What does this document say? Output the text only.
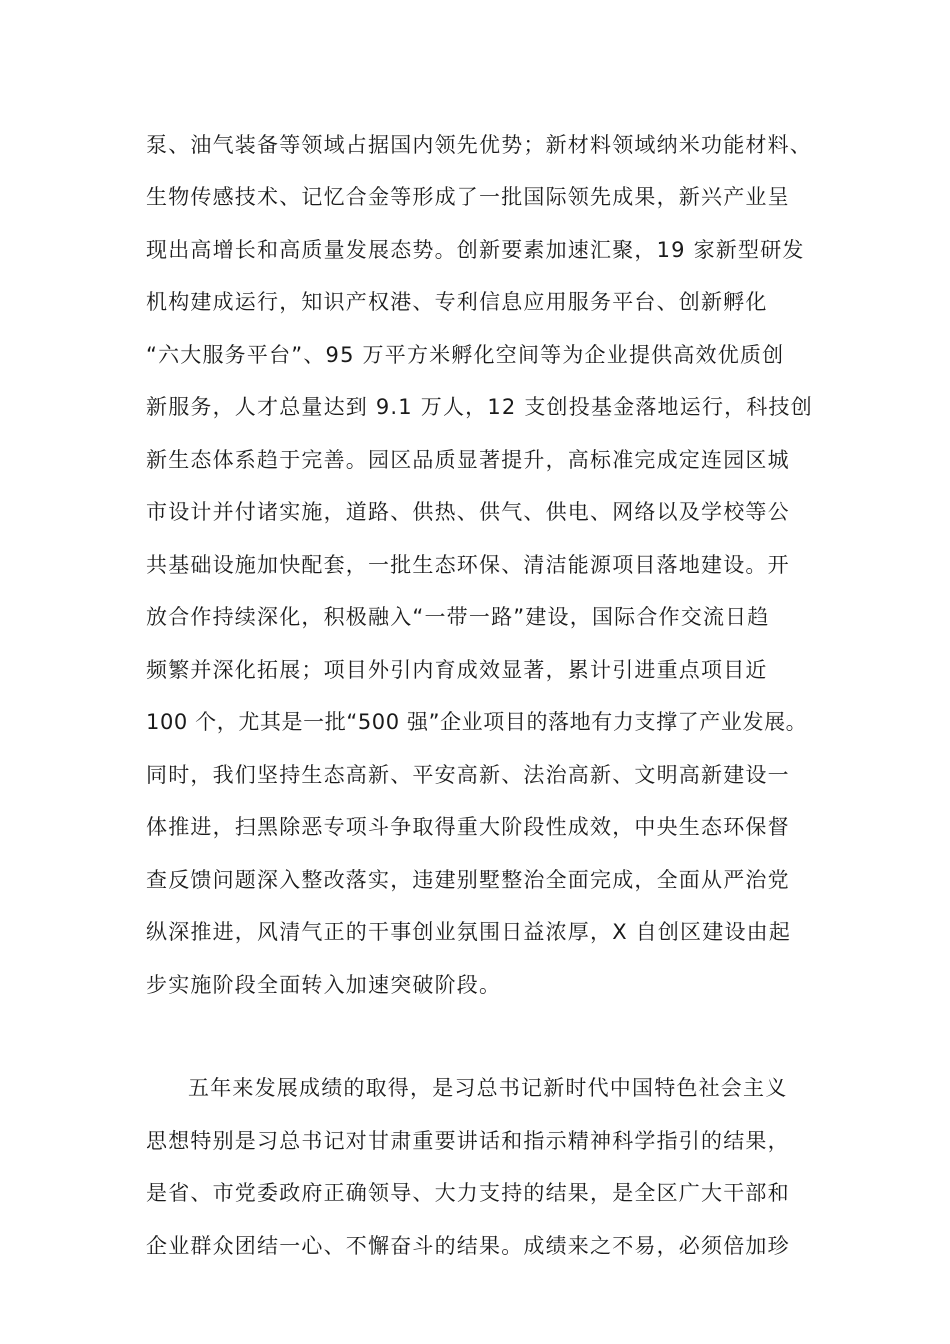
泵、油气装备等领域占据国内领先优势；新材料领域纳米功能材料、
生物传感技术、记忆合金等形成了一批国际领先成果，新兴产业呈
现出高增长和高质量发展态势。创新要素加速汇聚，19 家新型研发
机构建成运行，知识产权港、专利信息应用服务平台、创新孵化
“六大服务平台”、95 万平方米孵化空间等为企业提供高效优质创
新服务，人才总量达到 9.1 万人，12 支创投基金落地运行，科技创
新生态体系趋于完善。园区品质显著提升，高标准完成定连园区城
市设计并付诸实施，道路、供热、供气、供电、网络以及学校等公
共基础设施加快配套，一批生态环保、清洁能源项目落地建设。开
放合作持续深化，积极融入“一带一路”建设，国际合作交流日趋
频繁并深化拓展；项目外引内育成效显著，累计引进重点项目近
100 个，尤其是一批“500 强”企业项目的落地有力支撑了产业发展。
同时，我们坚持生态高新、平安高新、法治高新、文明高新建设一
体推进，扫黑除恶专项斗争取得重大阶段性成效，中央生态环保督
查反馈问题深入整改落实，违建别墅整治全面完成，全面从严治党
纵深推进，风清气正的干事创业氛围日益浓厚，X 自创区建设由起
步实施阶段全面转入加速突破阶段。
五年来发展成绩的取得，是习总书记新时代中国特色社会主义
思想特别是习总书记对甘肃重要讲话和指示精神科学指引的结果，
是省、市党委政府正确领导、大力支持的结果，是全区广大干部和
企业群众团结一心、不懈奋斗的结果。成绩来之不易，必须倍加珍
